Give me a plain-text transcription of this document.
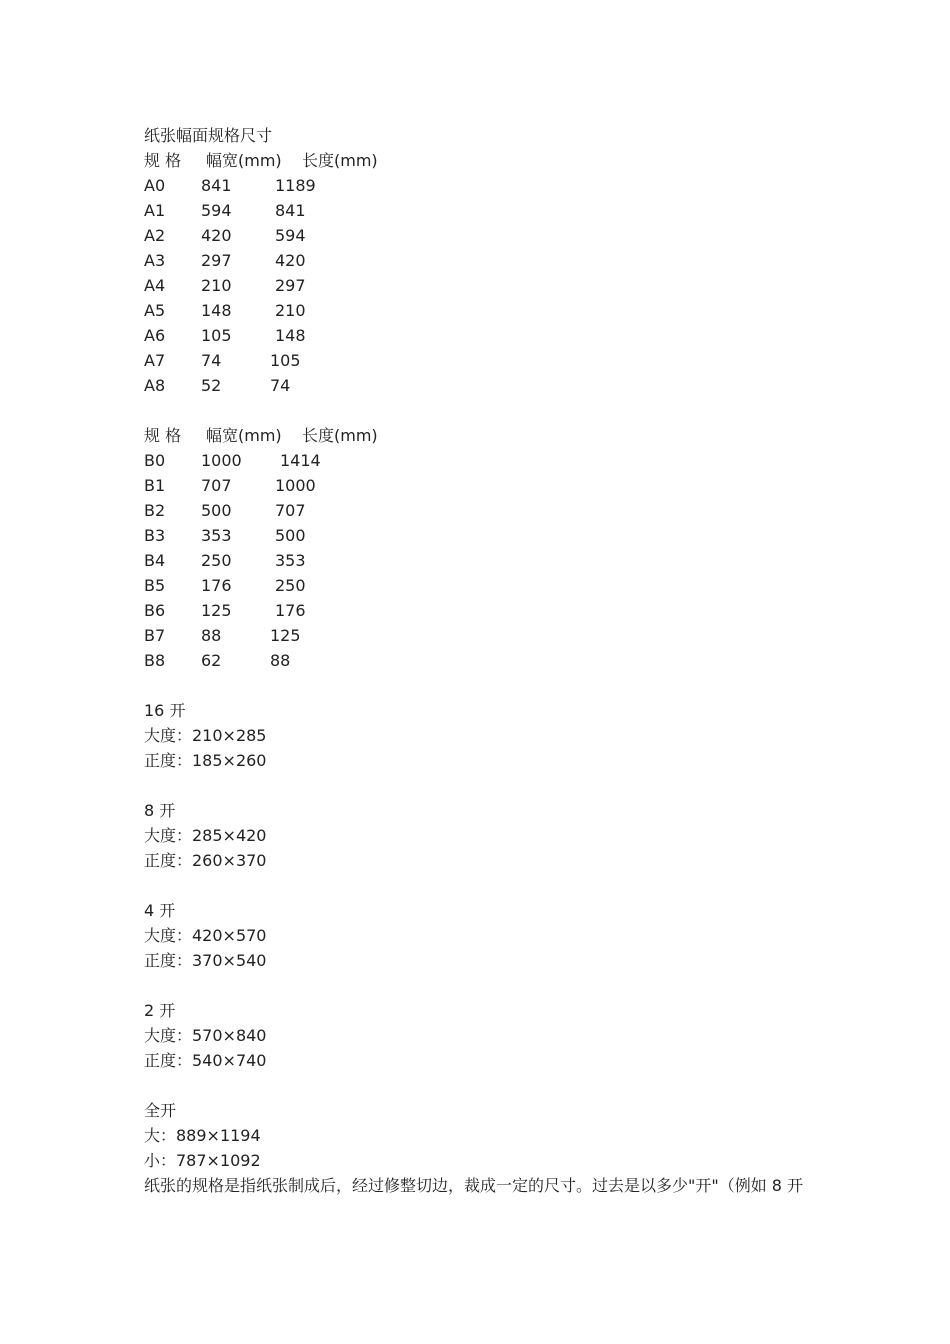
纸张幅面规格尺寸
规 格 幅宽(mm) 长度(mm)
A0 841	1189
A1 594	841
A2 420	594
A3 297	420
A4 210	297
A5 148	210
A6 105	148
A7 74	105
A8 52	74
规 格 幅宽(mm) 长度(mm)
B0 1000 1414
B1 707	1000
B2 500	707
B3 353	500
B4 250	353
B5 176	250
B6 125	176
B7 88	125
B8 62	88
16 开
大度：210×285
正度：185×260
8 开
大度：285×420
正度：260×370
4 开
大度：420×570
正度：370×540
2 开
大度：570×840
正度：540×740
全开
大：889×1194
小：787×1092
纸张的规格是指纸张制成后，经过修整切边，裁成一定的尺寸。过去是以多少"开"（例如 8 开
